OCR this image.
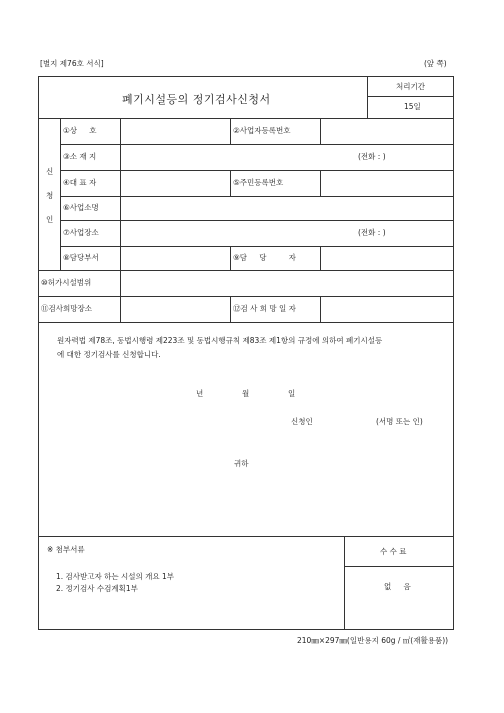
[별지 제76호 서식]	(앞 쪽)
폐기시설등의 정기검사신청서
처리기간
15일
신
청
인
①상 　 호	②사업자등록번호
③소 재 지	(전화 : )
④대 표 자	⑤주민등록번호
⑥사업소명
⑦사업장소	(전화 : )
⑧담당부서	⑨담 　 당 　 　 자
⑩허가시설범위
⑪검사희망장소	⑫검 사 희 망 일 자
원자력법 제78조, 동법시행령 제223조 및 동법시행규칙 제83조 제1항의 규정에 의하여 폐기시설등
에 대한 정기검사를 신청합니다.
년	월	일
신청인	(서명 또는 인)
귀하
※ 첨부서류
1. 검사받고자 하는 시설의 개요 1부
2. 정기검사 수검계획1부
수 수 료
없 　 음
210㎜×297㎜(일반용지 60g / ㎡(재활용품))
